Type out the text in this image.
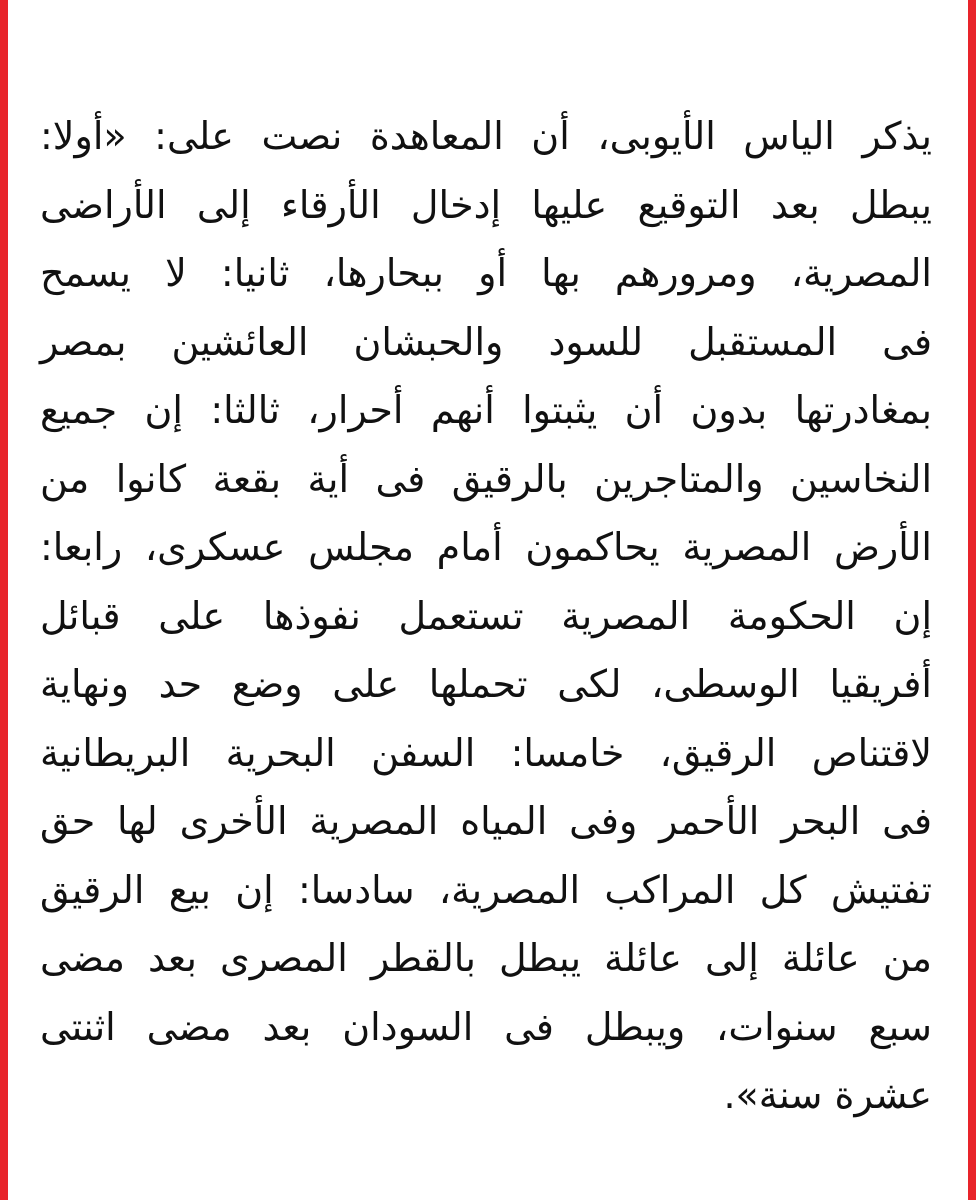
يذكر الياس الأيوبى، أن المعاهدة نصت على: «أولا:
يبطل بعد التوقيع عليها إدخال الأرقاء إلى الأراضى
المصرية، ومرورهم بها أو ببحارها، ثانيا: لا يسمح
فى المستقبل للسود والحبشان العائشين بمصر
بمغادرتها بدون أن يثبتوا أنهم أحرار، ثالثا: إن جميع
النخاسين والمتاجرين بالرقيق فى أية بقعة كانوا من
الأرض المصرية يحاكمون أمام مجلس عسكرى، رابعا:
إن الحكومة المصرية تستعمل نفوذها على قبائل
أفريقيا الوسطى، لكى تحملها على وضع حد ونهاية
لاقتناص الرقيق، خامسا: السفن البحرية البريطانية
فى البحر الأحمر وفى المياه المصرية الأخرى لها حق
تفتيش كل المراكب المصرية، سادسا: إن بيع الرقيق
من عائلة إلى عائلة يبطل بالقطر المصرى بعد مضى
سبع سنوات، ويبطل فى السودان بعد مضى اثنتى
عشرة سنة».
